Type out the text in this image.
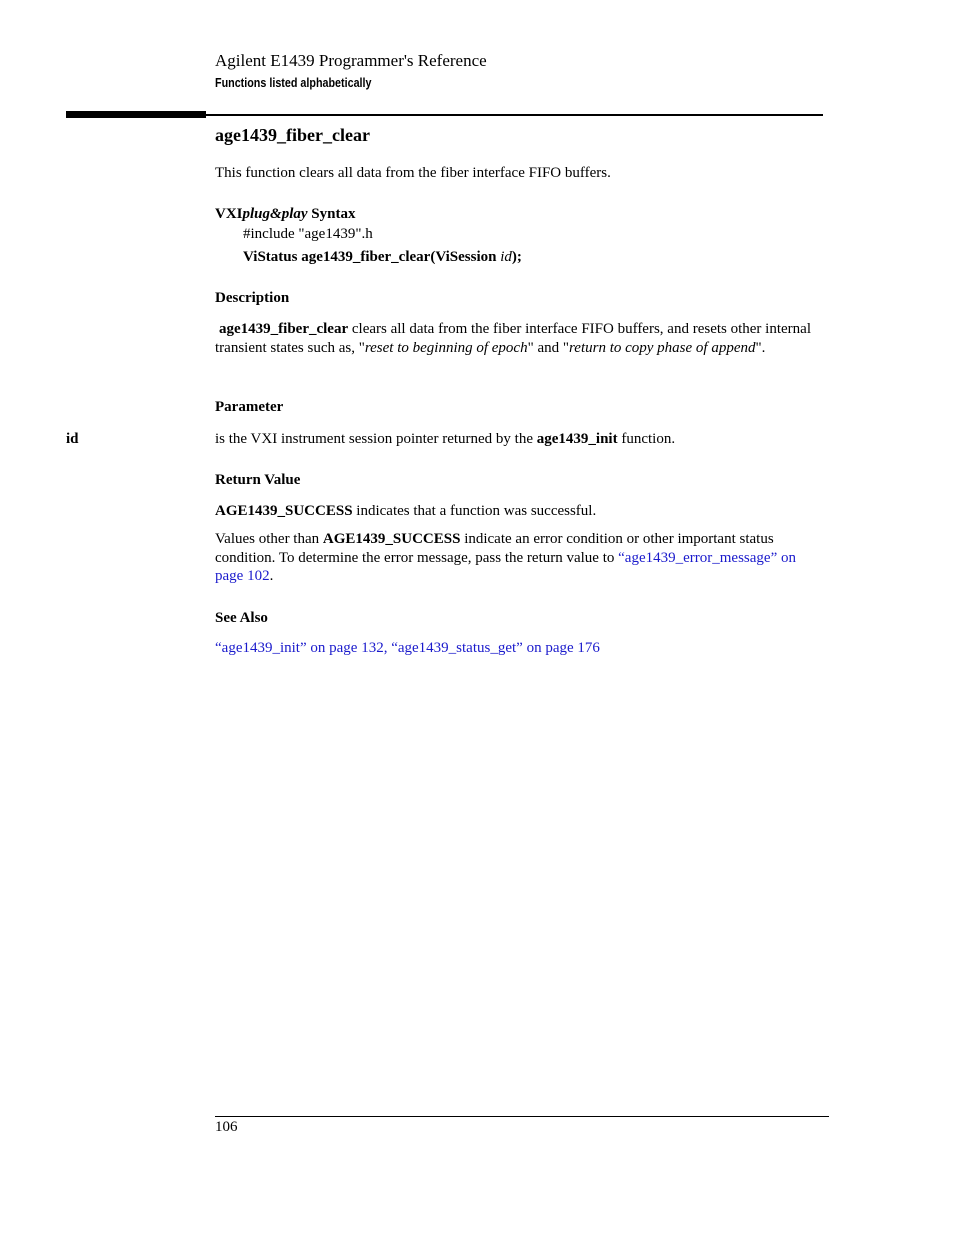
Agilent E1439 Programmer's Reference
Functions listed alphabetically
age1439_fiber_clear
This function clears all data from the fiber interface FIFO buffers.
VXIplug&play Syntax
#include "age1439".h
ViStatus age1439_fiber_clear(ViSession id);
Description
age1439_fiber_clear clears all data from the fiber interface FIFO buffers, and resets other internal transient states such as, "reset to beginning of epoch" and "return to copy phase of append".
Parameter
id	is the VXI instrument session pointer returned by the age1439_init function.
Return Value
AGE1439_SUCCESS indicates that a function was successful.
Values other than AGE1439_SUCCESS indicate an error condition or other important status condition. To determine the error message, pass the return value to “age1439_error_message” on page 102.
See Also
“age1439_init” on page 132, “age1439_status_get” on page 176
106
